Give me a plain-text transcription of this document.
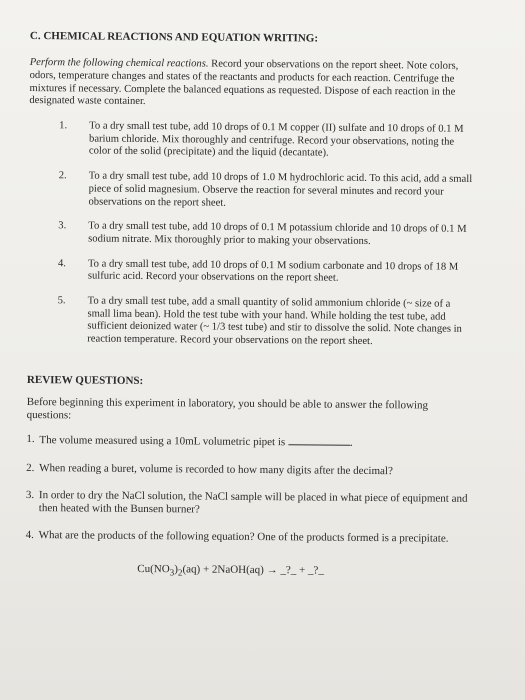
C. CHEMICAL REACTIONS AND EQUATION WRITING:

Perform the following chemical reactions. Record your observations on the report sheet. Note colors, odors, temperature changes and states of the reactants and products for each reaction. Centrifuge the mixtures if necessary. Complete the balanced equations as requested. Dispose of each reaction in the designated waste container.

1. To a dry small test tube, add 10 drops of 0.1 M copper (II) sulfate and 10 drops of 0.1 M barium chloride. Mix thoroughly and centrifuge. Record your observations, noting the color of the solid (precipitate) and the liquid (decantate).
2. To a dry small test tube, add 10 drops of 1.0 M hydrochloric acid. To this acid, add a small piece of solid magnesium. Observe the reaction for several minutes and record your observations on the report sheet.
3. To a dry small test tube, add 10 drops of 0.1 M potassium chloride and 10 drops of 0.1 M sodium nitrate. Mix thoroughly prior to making your observations.
4. To a dry small test tube, add 10 drops of 0.1 M sodium carbonate and 10 drops of 18 M sulfuric acid. Record your observations on the report sheet.
5. To a dry small test tube, add a small quantity of solid ammonium chloride (~ size of a small lima bean). Hold the test tube with your hand. While holding the test tube, add sufficient deionized water (~ 1/3 test tube) and stir to dissolve the solid. Note changes in reaction temperature. Record your observations on the report sheet.
REVIEW QUESTIONS:

Before beginning this experiment in laboratory, you should be able to answer the following questions:

1. The volume measured using a 10mL volumetric pipet is	.
2. When reading a buret, volume is recorded to how many digits after the decimal?
3. In order to dry the NaCl solution, the NaCl sample will be placed in what piece of equipment and then heated with the Bunsen burner?
4. What are the products of the following equation? One of the products formed is a precipitate.
$Cu(NO_3)_2(aq)$ + 2NaOH(aq) → _?_ + _?_
